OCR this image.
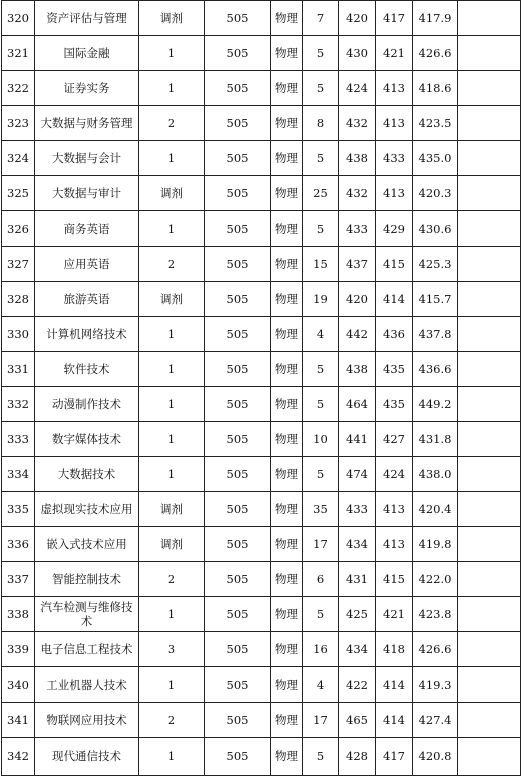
320	资产评估与管理	调剂	505	物理	7	420	417	417.9	
321	国际金融	1	505	物理	5	430	421	426.6	
322	证券实务	1	505	物理	5	424	413	418.6	
323	大数据与财务管理	2	505	物理	8	432	413	423.5	
324	大数据与会计	1	505	物理	5	438	433	435.0	
325	大数据与审计	调剂	505	物理	25	432	413	420.3	
326	商务英语	1	505	物理	5	433	429	430.6	
327	应用英语	2	505	物理	15	437	415	425.3	
328	旅游英语	调剂	505	物理	19	420	414	415.7	
330	计算机网络技术	1	505	物理	4	442	436	437.8	
331	软件技术	1	505	物理	5	438	435	436.6	
332	动漫制作技术	1	505	物理	5	464	435	449.2	
333	数字媒体技术	1	505	物理	10	441	427	431.8	
334	大数据技术	1	505	物理	5	474	424	438.0	
335	虚拟现实技术应用	调剂	505	物理	35	433	413	420.4	
336	嵌入式技术应用	调剂	505	物理	17	434	413	419.8	
337	智能控制技术	2	505	物理	6	431	415	422.0	
338	汽车检测与维修技术	1	505	物理	5	425	421	423.8	
339	电子信息工程技术	3	505	物理	16	434	418	426.6	
340	工业机器人技术	1	505	物理	4	422	414	419.3	
341	物联网应用技术	2	505	物理	17	465	414	427.4	
342	现代通信技术	1	505	物理	5	428	417	420.8	
